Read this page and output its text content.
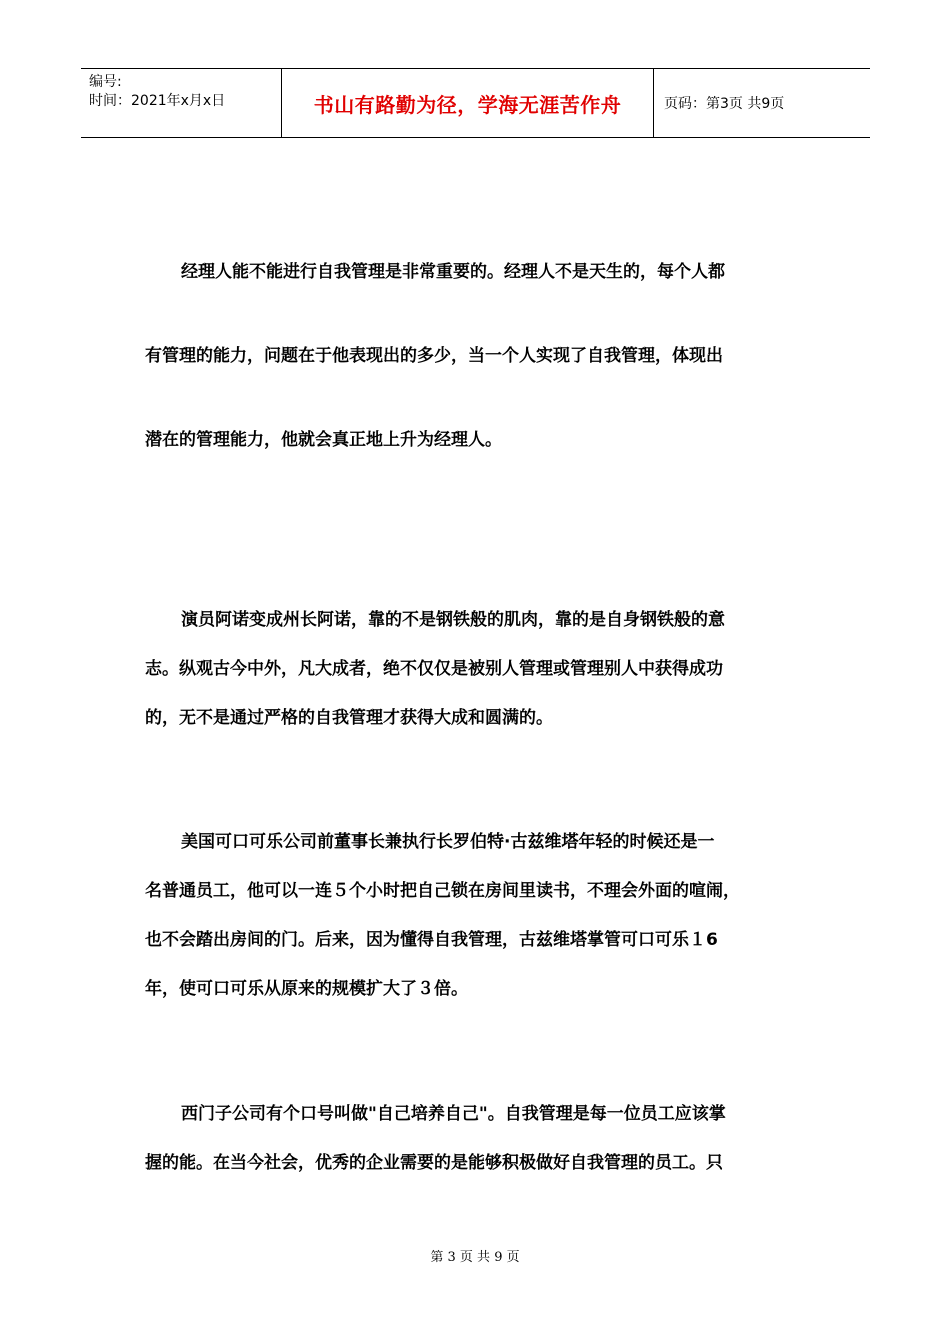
编号:
时间：2021年x月x日	书山有路勤为径，学海无涯苦作舟	页码：第3页 共9页
经理人能不能进行自我管理是非常重要的。经理人不是天生的，每个人都
有管理的能力，问题在于他表现出的多少，当一个人实现了自我管理，体现出
潜在的管理能力，他就会真正地上升为经理人。
演员阿诺变成州长阿诺，靠的不是钢铁般的肌肉，靠的是自身钢铁般的意
志。纵观古今中外，凡大成者，绝不仅仅是被别人管理或管理别人中获得成功
的，无不是通过严格的自我管理才获得大成和圆满的。
美国可口可乐公司前董事长兼执行长罗伯特·古兹维塔年轻的时候还是一
名普通员工，他可以一连５个小时把自己锁在房间里读书，不理会外面的喧闹，
也不会踏出房间的门。后来，因为懂得自我管理，古兹维塔掌管可口可乐１6
年，使可口可乐从原来的规模扩大了３倍。
西门子公司有个口号叫做"自己培养自己"。自我管理是每一位员工应该掌
握的能。在当今社会，优秀的企业需要的是能够积极做好自我管理的员工。只
第 3 页 共 9 页
